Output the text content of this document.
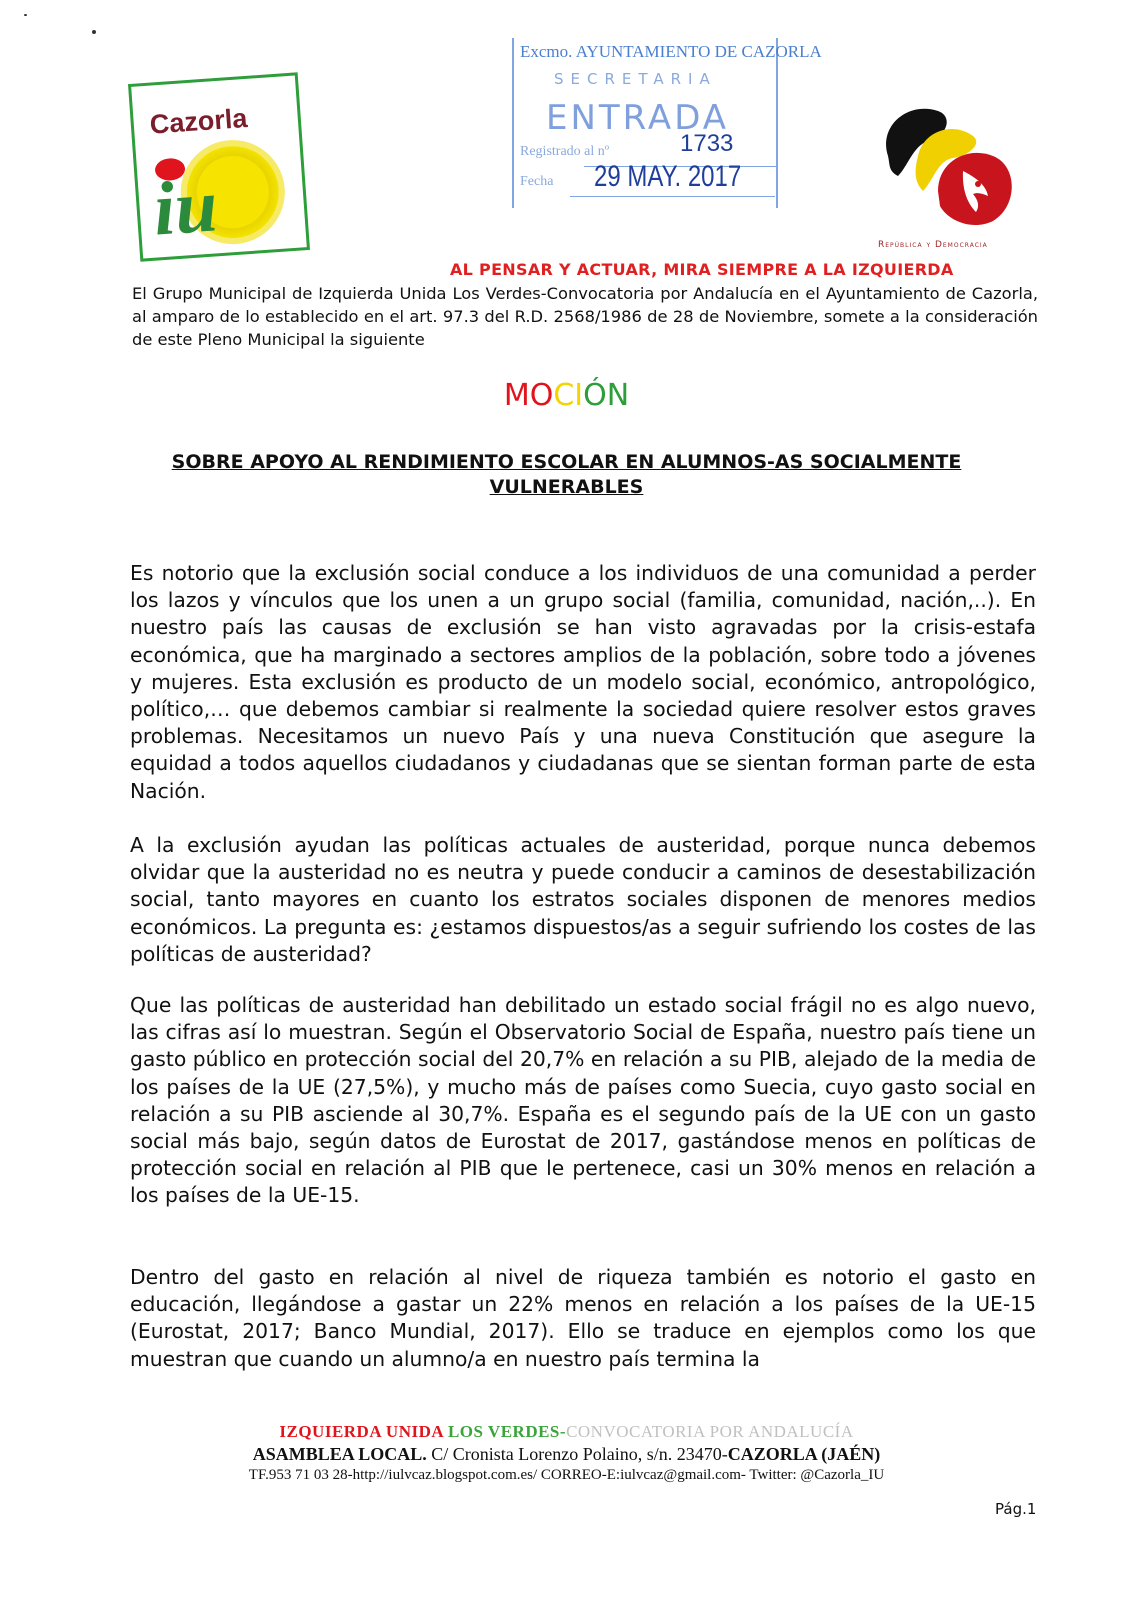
Cazorla
iu
Excmo. AYUNTAMIENTO DE CAZORLA
SECRETARIA
ENTRADA
Registrado al nº	1733
Fecha 29 MAY. 2017
República y Democracia
AL PENSAR Y ACTUAR, MIRA SIEMPRE A LA IZQUIERDA
El Grupo Municipal de Izquierda Unida Los Verdes-Convocatoria por Andalucía en el Ayuntamiento de Cazorla, al amparo de lo establecido en el art. 97.3 del R.D. 2568/1986 de 28 de Noviembre, somete a la consideración de este Pleno Municipal la siguiente
MOCIÓN
SOBRE APOYO AL RENDIMIENTO ESCOLAR EN ALUMNOS-AS SOCIALMENTE VULNERABLES
Es notorio que la exclusión social conduce a los individuos de una comunidad a perder los lazos y vínculos que los unen a un grupo social (familia, comunidad, nación,..). En nuestro país las causas de exclusión se han visto agravadas por la crisis-estafa económica, que ha marginado a sectores amplios de la población, sobre todo a jóvenes y mujeres. Esta exclusión es producto de un modelo social, económico, antropológico, político,… que debemos cambiar si realmente la sociedad quiere resolver estos graves problemas. Necesitamos un nuevo País y una nueva Constitución que asegure la equidad a todos aquellos ciudadanos y ciudadanas que se sientan forman parte de esta Nación.
A la exclusión ayudan las políticas actuales de austeridad, porque nunca debemos olvidar que la austeridad no es neutra y puede conducir a caminos de desestabilización social, tanto mayores en cuanto los estratos sociales disponen de menores medios económicos. La pregunta es: ¿estamos dispuestos/as a seguir sufriendo los costes de las políticas de austeridad?
Que las políticas de austeridad han debilitado un estado social frágil no es algo nuevo, las cifras así lo muestran. Según el Observatorio Social de España, nuestro país tiene un gasto público en protección social del 20,7% en relación a su PIB, alejado de la media de los países de la UE (27,5%), y mucho más de países como Suecia, cuyo gasto social en relación a su PIB asciende al 30,7%. España es el segundo país de la UE con un gasto social más bajo, según datos de Eurostat de 2017, gastándose menos en políticas de protección social en relación al PIB que le pertenece, casi un 30% menos en relación a los países de la UE-15.
Dentro del gasto en relación al nivel de riqueza también es notorio el gasto en educación, llegándose a gastar un 22% menos en relación a los países de la UE-15 (Eurostat, 2017; Banco Mundial, 2017). Ello se traduce en ejemplos como los que muestran que cuando un alumno/a en nuestro país termina la
IZQUIERDA UNIDA LOS VERDES-CONVOCATORIA POR ANDALUCÍA
ASAMBLEA LOCAL. C/ Cronista Lorenzo Polaino, s/n. 23470-CAZORLA (JAÉN)
TF.953 71 03 28-http://iulvcaz.blogspot.com.es/ CORREO-E:iulvcaz@gmail.com- Twitter: @Cazorla_IU
Pág.1
